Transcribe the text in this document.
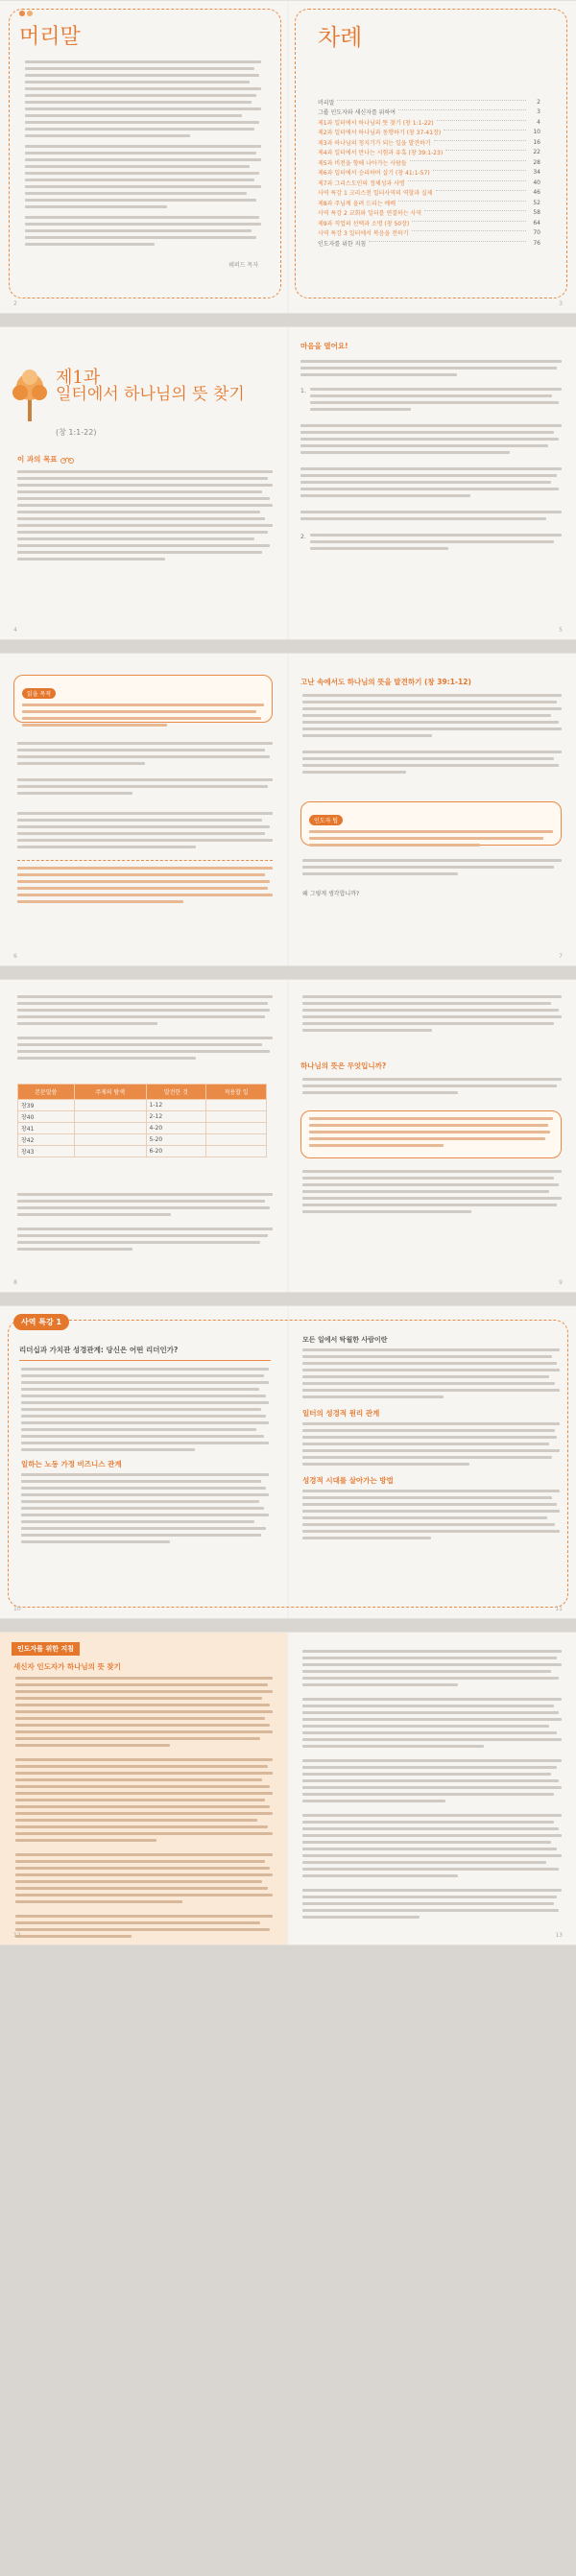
머리말
쉐퍼드 목자
2
차례
머리말	2
그룹 인도자와 새신자를 위하여	3
제1과 일터에서 하나님의 뜻 찾기 (창 1:1-22)	4
제2과 일터에서 하나님과 동행하기 (창 37-41장)	10
제3과 하나님의 청지기가 되는 일을 발견하기	16
제4과 일터에서 만나는 시험과 유혹 (창 39:1-23)	22
제5과 비전을 향해 나아가는 사람들	28
제6과 일터에서 승리하며 살기 (창 41:1-57)	34
제7과 그리스도인의 정체성과 사명	40
사역 특강 1 크리스천 일터사역의 역할과 실제	46
제8과 주님께 올려 드리는 예배	52
사역 특강 2 교회와 일터를 연결하는 사역	58
제9과 직업의 선택과 소명 (창 50장)	64
사역 특강 3 일터에서 복음을 전하기	70
인도자를 위한 지침	76
3
제1과
일터에서 하나님의 뜻 찾기
(창 1:1-22)
이 과의 목표
4
마음을 열어요!
1.
2.
5
읽을 목적
6
고난 속에서도 하나님의 뜻을 발견하기 (창 39:1-12)
인도자 팁
왜 그렇게 생각합니까?
7
본문말씀	주제의 탐색	발견한 것	적용할 일
창39		1-12	
창40		2-12	
창41		4-20	
창42		5-20	
창43		6-20	
8
하나님의 뜻은 무엇입니까?
9
사역 특강 1
리더십과 가치관 성경관계: 당신은 어떤 리더인가?
일하는 노동 가정 비즈니스 관계
10
모든 일에서 탁월한 사람이란
일터의 성경적 원리 관계
성경적 시대를 살아가는 방법
11
인도자를 위한 지침
새신자 인도자가 하나님의 뜻 찾기
12	13
